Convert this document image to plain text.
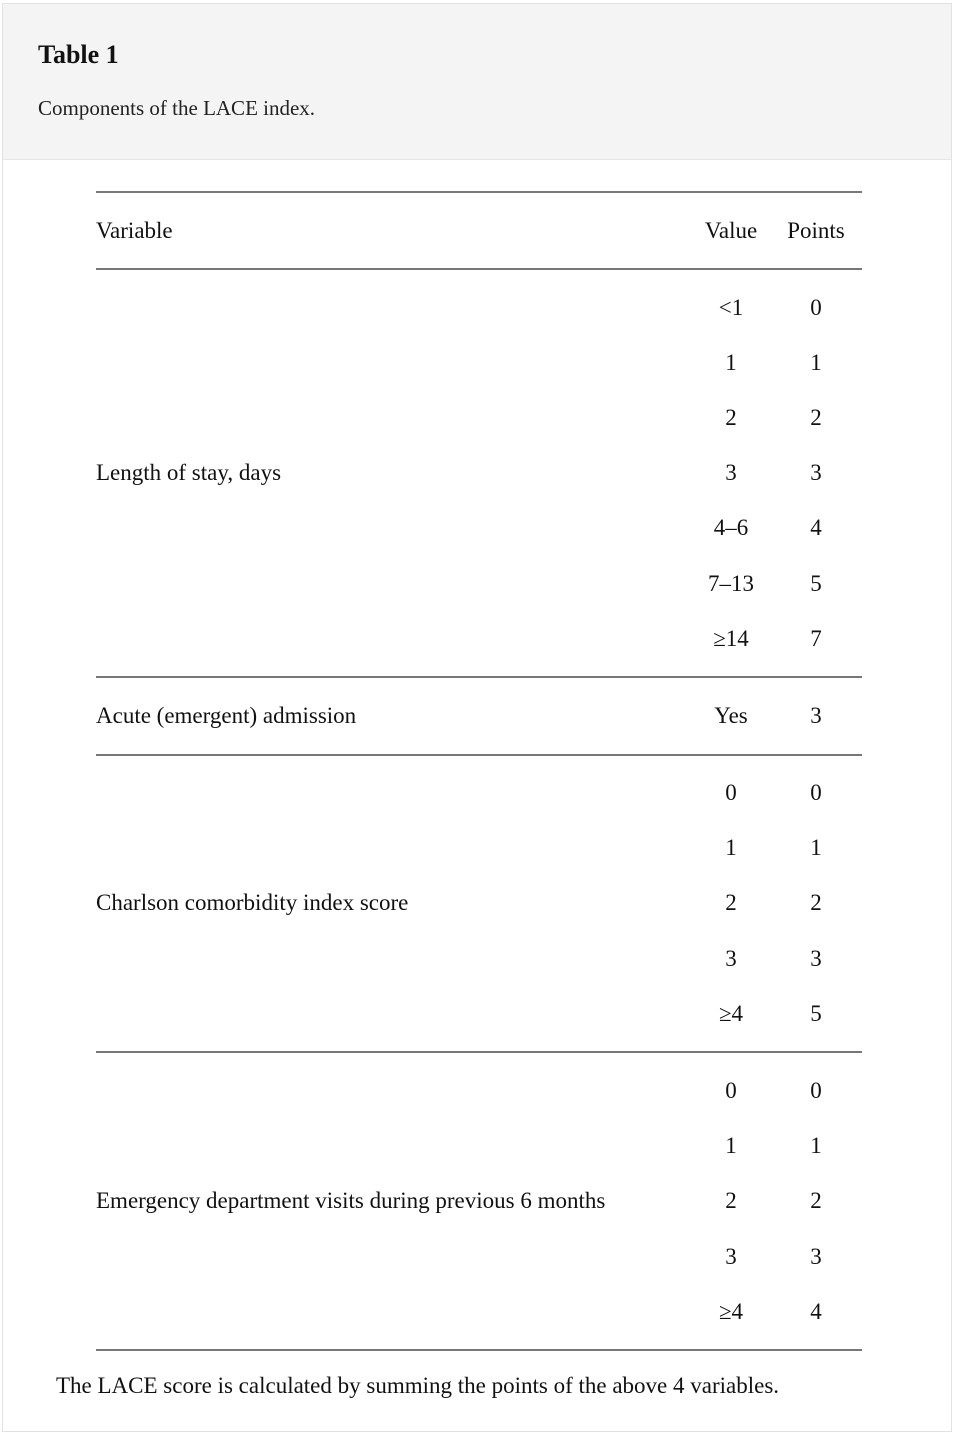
Table 1
Components of the LACE index.
Variable	Value	Points
Length of stay, days	<1	0
	1	1
	2	2
	3	3
	4–6	4
	7–13	5
	≥14	7
Acute (emergent) admission	Yes	3
Charlson comorbidity index score	0	0
	1	1
	2	2
	3	3
	≥4	5
Emergency department visits during previous 6 months	0	0
	1	1
	2	2
	3	3
	≥4	4
The LACE score is calculated by summing the points of the above 4 variables.
